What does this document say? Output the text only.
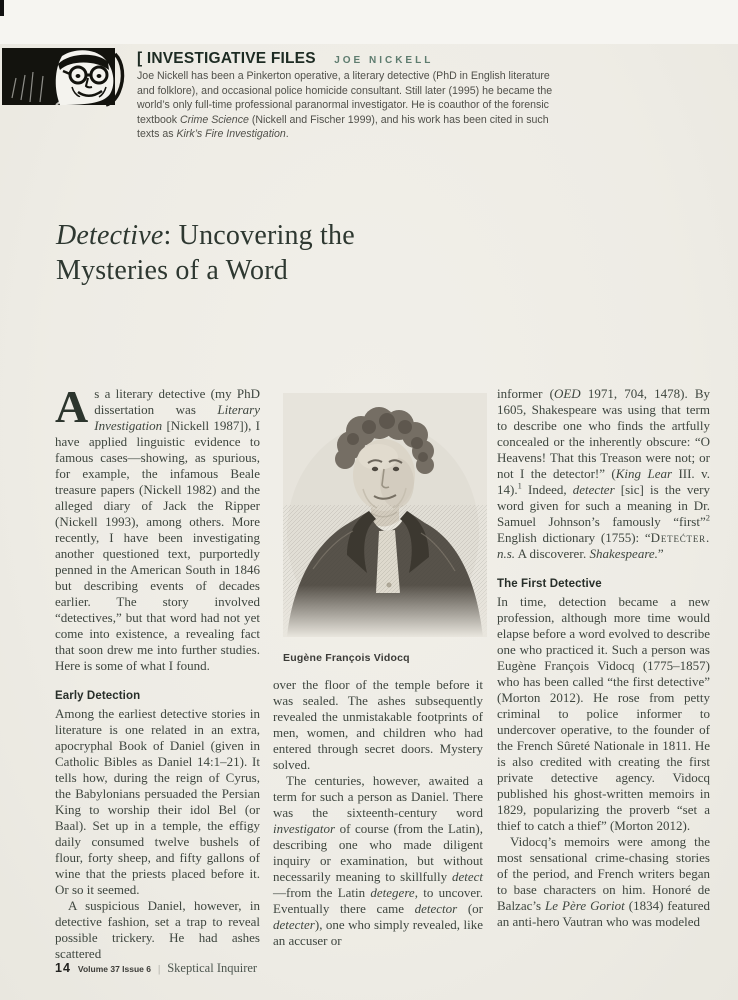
[ INVESTIGATIVE FILES JOE NICKELL

Joe Nickell has been a Pinkerton operative, a literary detective (PhD in English literature and folklore), and occasional police homicide consultant. Still later (1995) he became the world’s only full-time professional paranormal investigator. He is coauthor of the forensic textbook Crime Science (Nickell and Fischer 1999), and his work has been cited in such texts as Kirk’s Fire Investigation.

Detective: Uncovering the
Mysteries of a Word

As a literary detective (my PhD dissertation was Literary Investigation [Nickell 1987]), I have applied linguistic evidence to famous cases—showing, as spurious, for example, the infamous Beale treasure papers (Nickell 1982) and the alleged diary of Jack the Ripper (Nickell 1993), among others. More recently, I have been investigating another questioned text, purportedly penned in the American South in 1846 but describing events of decades earlier. The story involved “detectives,” but that word had not yet come into existence, a revealing fact that soon drew me into further studies. Here is some of what I found.

Early Detection

Among the earliest detective stories in literature is one related in an extra, apocryphal Book of Daniel (given in Catholic Bibles as Daniel 14:1–21). It tells how, during the reign of Cyrus, the Babylonians persuaded the Persian King to worship their idol Bel (or Baal). Set up in a temple, the effigy daily consumed twelve bushels of flour, forty sheep, and fifty gallons of wine that the priests placed before it. Or so it seemed.

A suspicious Daniel, however, in detective fashion, set a trap to reveal possible trickery. He had ashes scattered

Eugène François Vidocq

over the floor of the temple before it was sealed. The ashes subsequently revealed the unmistakable footprints of men, women, and children who had entered through secret doors. Mystery solved.

The centuries, however, awaited a term for such a person as Daniel. There was the sixteenth-century word investigator of course (from the Latin), describing one who made diligent inquiry or examination, but without necessarily meaning to skillfully detect—from the Latin detegere, to uncover. Eventually there came detector (or detecter), one who simply revealed, like an accuser or

informer (OED 1971, 704, 1478). By 1605, Shakespeare was using that term to describe one who finds the artfully concealed or the inherently obscure: “O Heavens! That this Treason were not; or not I the detector!” (King Lear III. v. 14).$^1$ Indeed, detecter [sic] is the very word given for such a meaning in Dr. Samuel Johnson’s famously “first”$^2$ English dictionary (1755): “Detećter. n.s. A discoverer. Shakespeare.”

The First Detective

In time, detection became a new profession, although more time would elapse before a word evolved to describe one who practiced it. Such a person was Eugène François Vidocq (1775–1857) who has been called “the first detective” (Morton 2012). He rose from petty criminal to police informer to undercover operative, to the founder of the French Sûreté Nationale in 1811. He is also credited with creating the first private detective agency. Vidocq published his ghost-written memoirs in 1829, popularizing the proverb “set a thief to catch a thief” (Morton 2012).

Vidocq’s memoirs were among the most sensational crime-chasing stories of the period, and French writers began to base characters on him. Honoré de Balzac’s Le Père Goriot (1834) featured an anti-hero Vautran who was modeled

14 Volume 37 Issue 6 | Skeptical Inquirer
